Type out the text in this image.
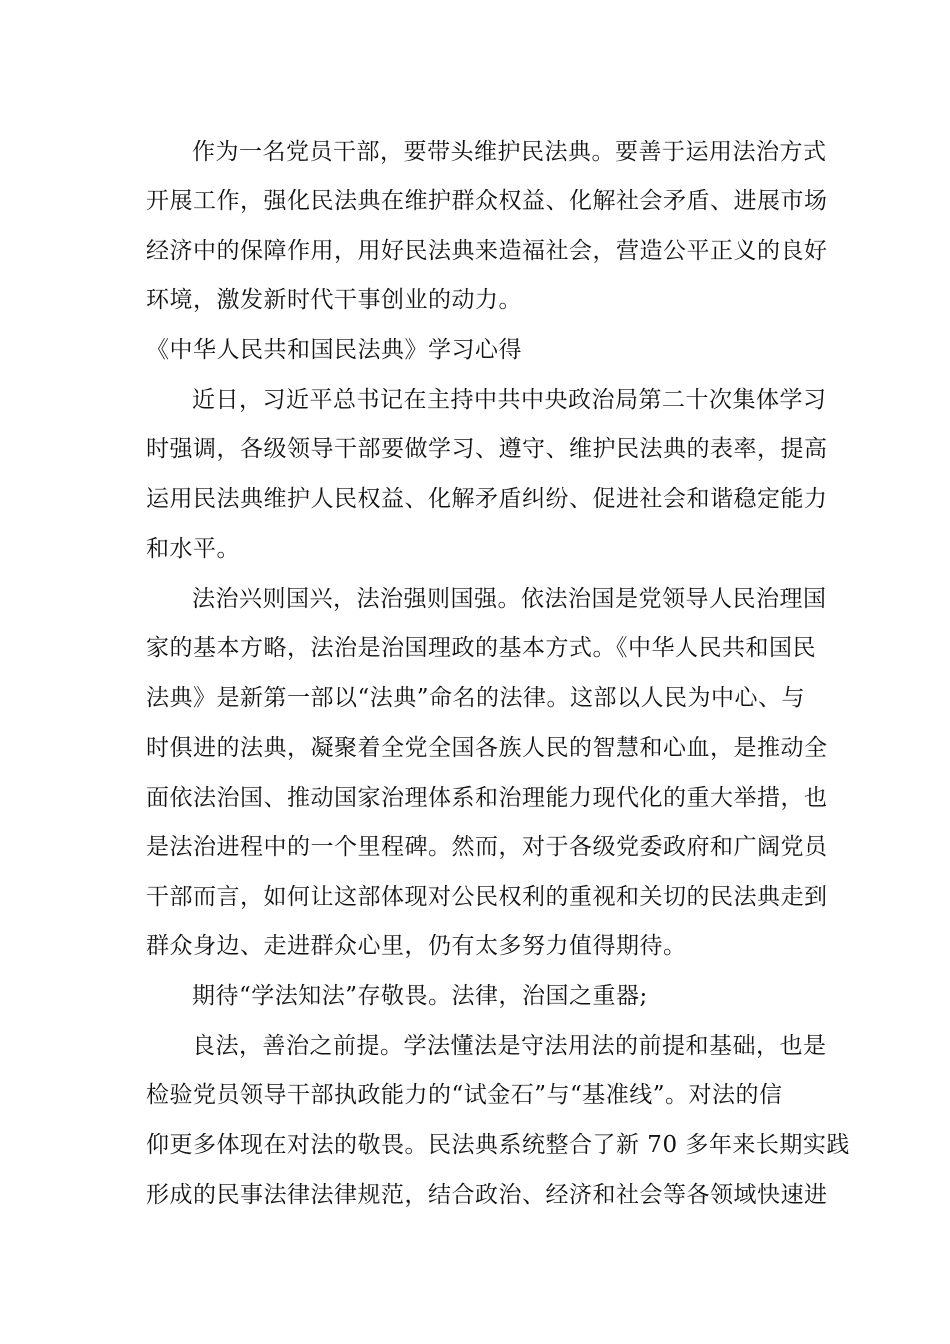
作为一名党员干部，要带头维护民法典。要善于运用法治方式
开展工作，强化民法典在维护群众权益、化解社会矛盾、进展市场
经济中的保障作用，用好民法典来造福社会，营造公平正义的良好
环境，激发新时代干事创业的动力。
《中华人民共和国民法典》学习心得
近日，习近平总书记在主持中共中央政治局第二十次集体学习
时强调，各级领导干部要做学习、遵守、维护民法典的表率，提高
运用民法典维护人民权益、化解矛盾纠纷、促进社会和谐稳定能力
和水平。
法治兴则国兴，法治强则国强。依法治国是党领导人民治理国
家的基本方略，法治是治国理政的基本方式。《中华人民共和国民
法典》是新第一部以“法典”命名的法律。这部以人民为中心、与
时俱进的法典，凝聚着全党全国各族人民的智慧和心血，是推动全
面依法治国、推动国家治理体系和治理能力现代化的重大举措，也
是法治进程中的一个里程碑。然而，对于各级党委政府和广阔党员
干部而言，如何让这部体现对公民权利的重视和关切的民法典走到
群众身边、走进群众心里，仍有太多努力值得期待。
期待“学法知法”存敬畏。法律，治国之重器;
良法，善治之前提。学法懂法是守法用法的前提和基础，也是
检验党员领导干部执政能力的“试金石”与“基准线”。对法的信
仰更多体现在对法的敬畏。民法典系统整合了新 70 多年来长期实践
形成的民事法律法律规范，结合政治、经济和社会等各领域快速进
